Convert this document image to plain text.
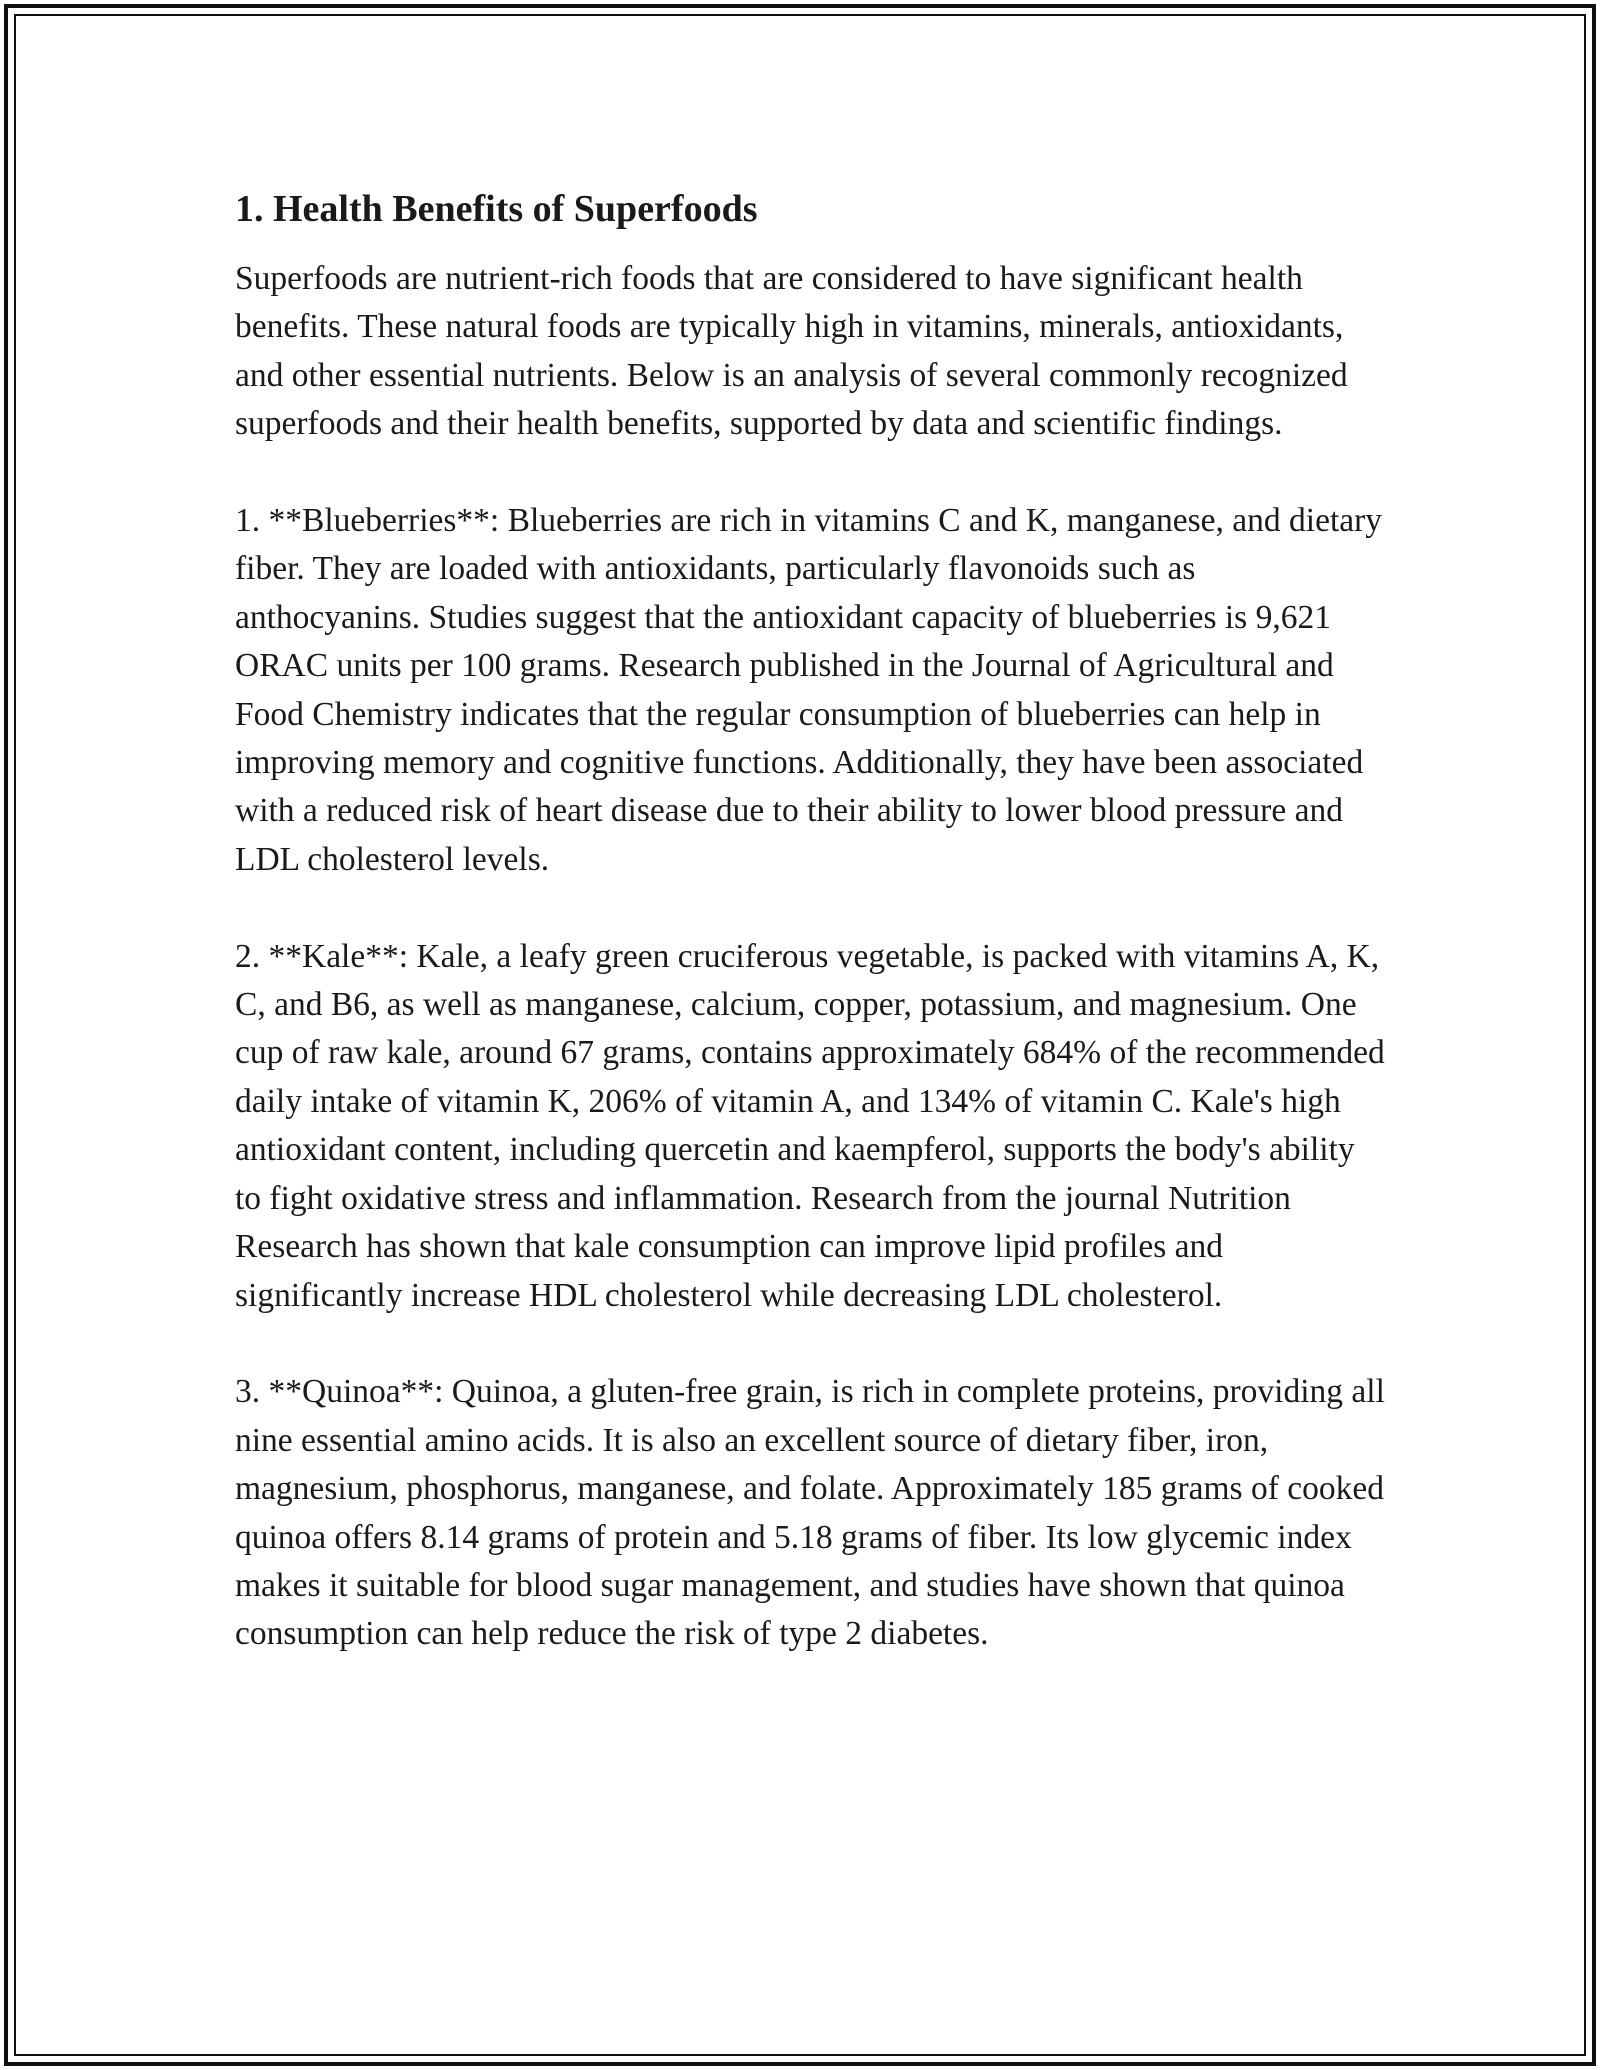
1. Health Benefits of Superfoods

Superfoods are nutrient-rich foods that are considered to have significant health benefits. These natural foods are typically high in vitamins, minerals, antioxidants, and other essential nutrients. Below is an analysis of several commonly recognized superfoods and their health benefits, supported by data and scientific findings.

1. **Blueberries**: Blueberries are rich in vitamins C and K, manganese, and dietary fiber. They are loaded with antioxidants, particularly flavonoids such as anthocyanins. Studies suggest that the antioxidant capacity of blueberries is 9,621 ORAC units per 100 grams. Research published in the Journal of Agricultural and Food Chemistry indicates that the regular consumption of blueberries can help in improving memory and cognitive functions. Additionally, they have been associated with a reduced risk of heart disease due to their ability to lower blood pressure and LDL cholesterol levels.

2. **Kale**: Kale, a leafy green cruciferous vegetable, is packed with vitamins A, K, C, and B6, as well as manganese, calcium, copper, potassium, and magnesium. One cup of raw kale, around 67 grams, contains approximately 684% of the recommended daily intake of vitamin K, 206% of vitamin A, and 134% of vitamin C. Kale's high antioxidant content, including quercetin and kaempferol, supports the body's ability to fight oxidative stress and inflammation. Research from the journal Nutrition Research has shown that kale consumption can improve lipid profiles and significantly increase HDL cholesterol while decreasing LDL cholesterol.

3. **Quinoa**: Quinoa, a gluten-free grain, is rich in complete proteins, providing all nine essential amino acids. It is also an excellent source of dietary fiber, iron, magnesium, phosphorus, manganese, and folate. Approximately 185 grams of cooked quinoa offers 8.14 grams of protein and 5.18 grams of fiber. Its low glycemic index makes it suitable for blood sugar management, and studies have shown that quinoa consumption can help reduce the risk of type 2 diabetes.
